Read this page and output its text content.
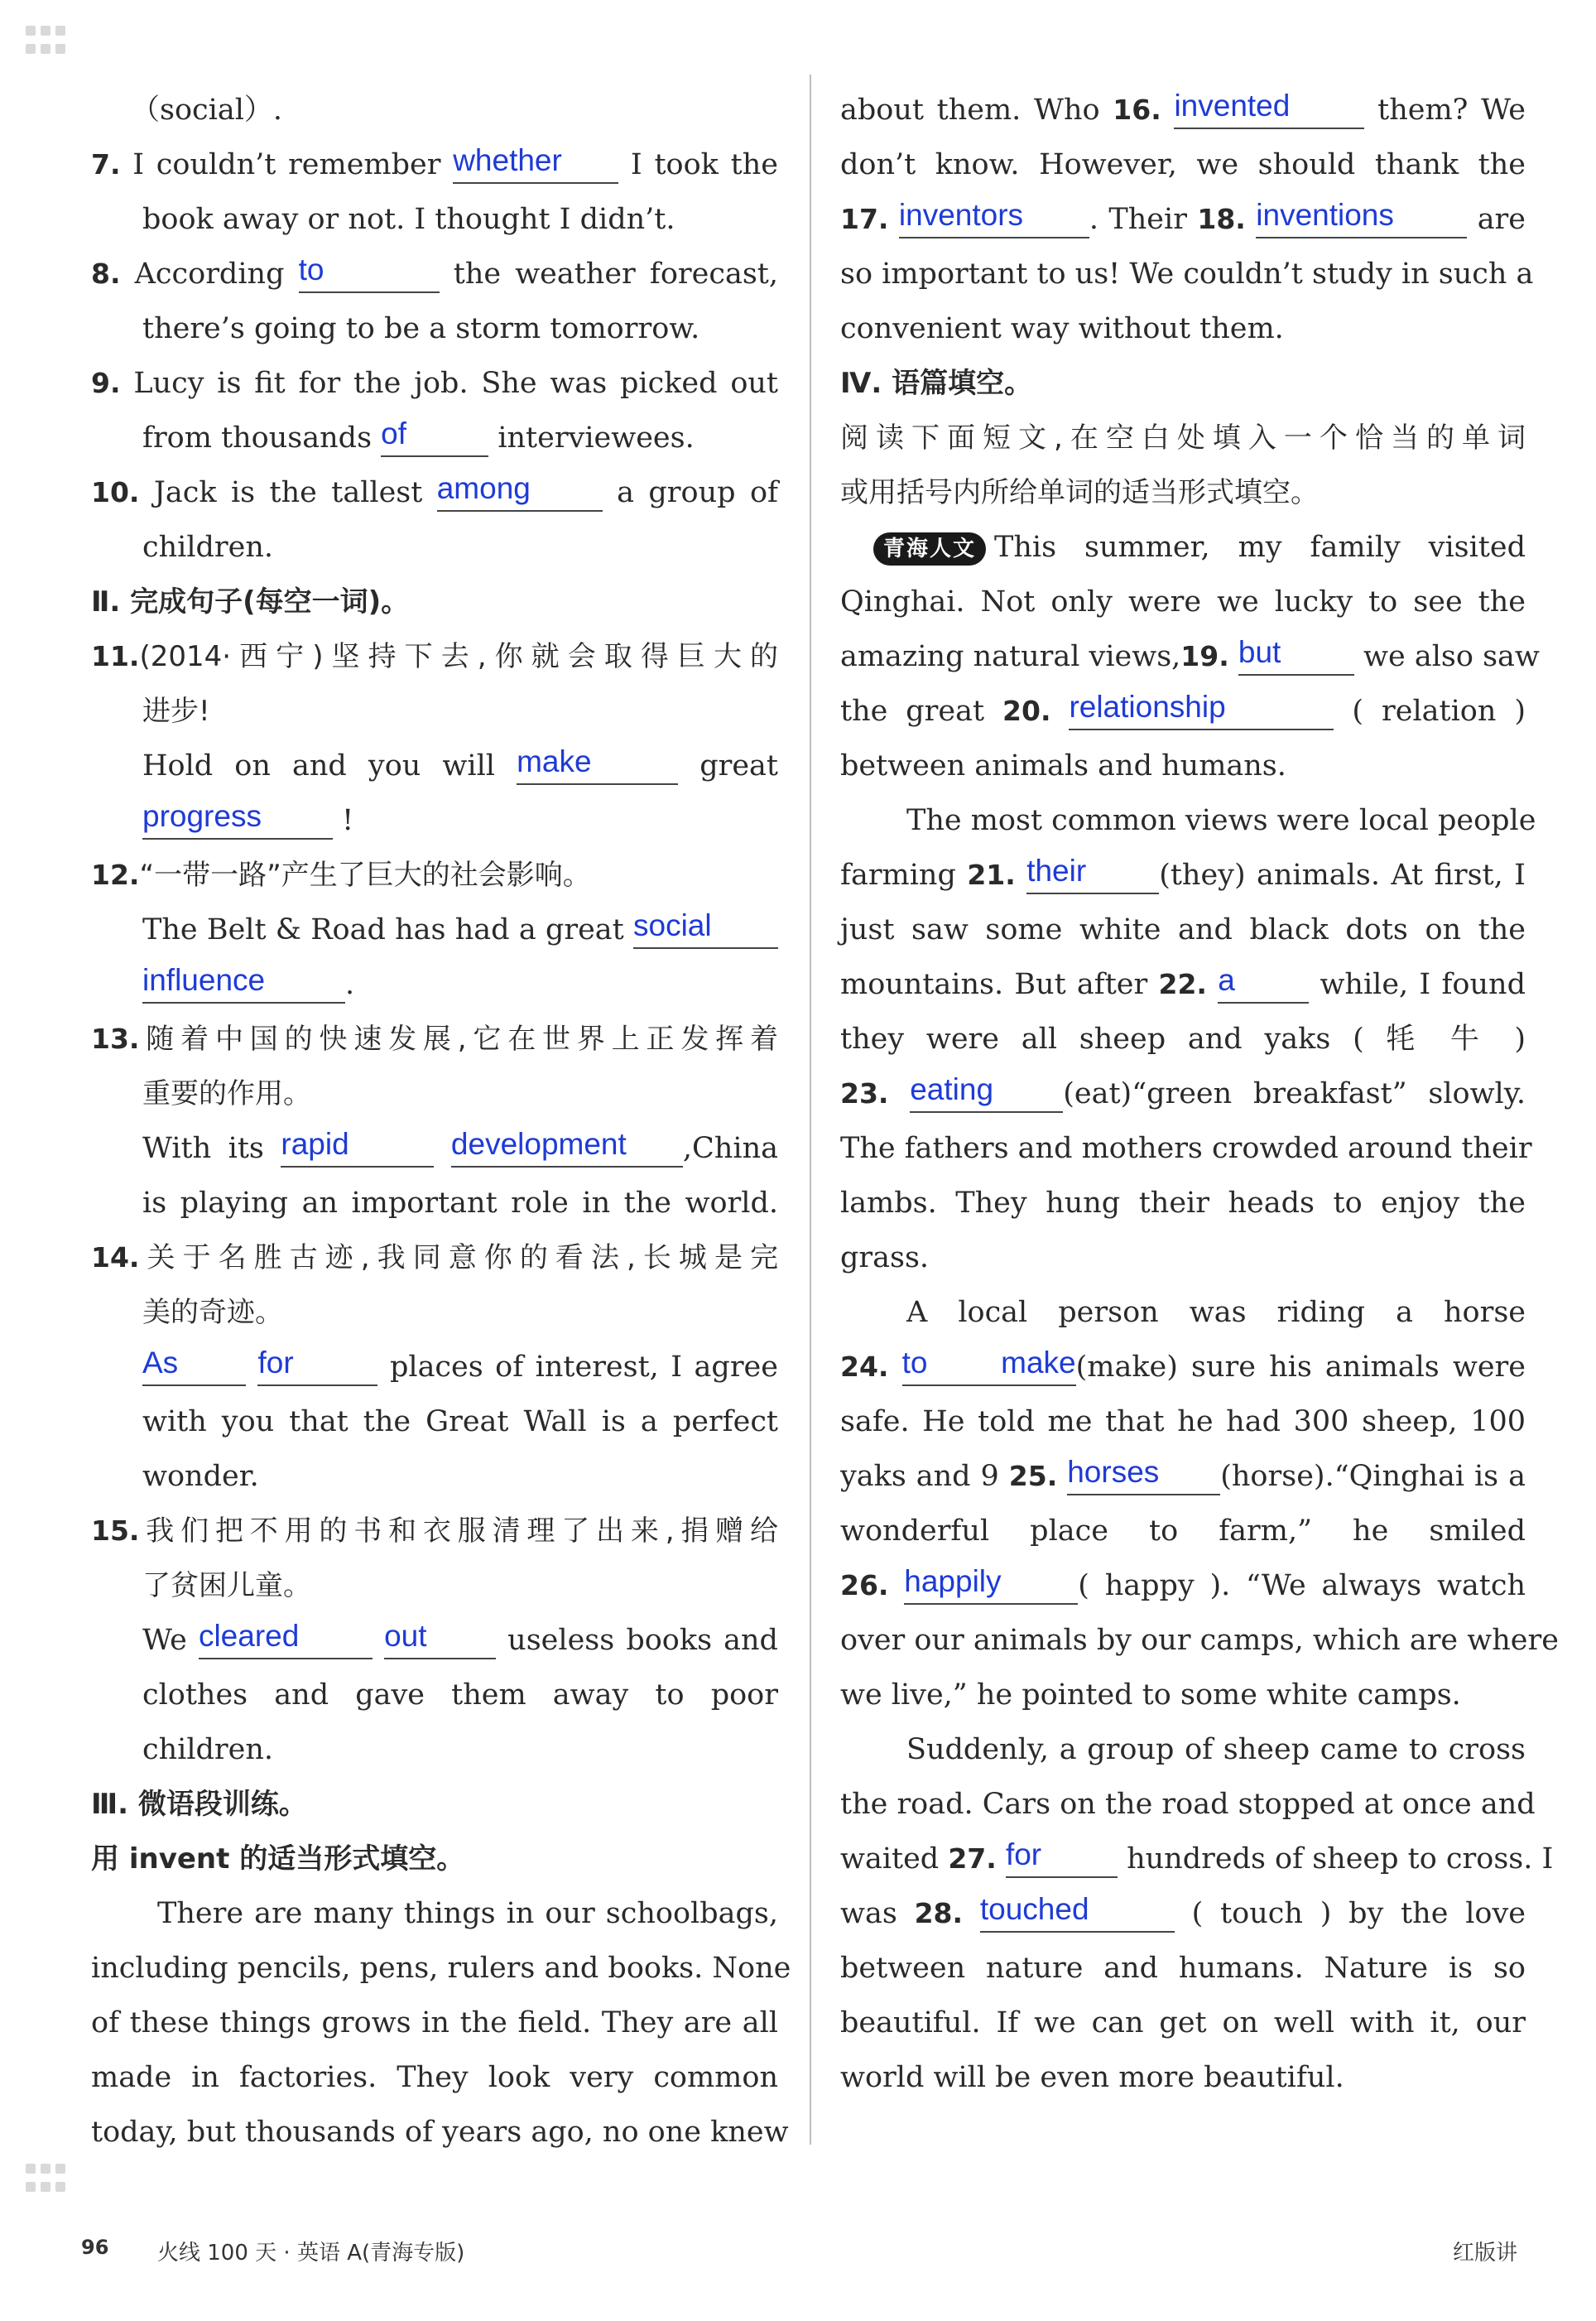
（social）.
7. I couldn’t remember whether I took the
book away or not. I thought I didn’t.
8. According to	the weather forecast,
there’s going to be a storm tomorrow.
9. Lucy is fit for the job. She was picked out
from thousands of	interviewees.
10. Jack is the tallest among	a group of
children.
Ⅱ. 完成句子(每空一词)。
11.(2014·西宁)坚持下去,你就会取得巨大的
进步!
Hold on and you will make	great
progress	!
12.“一带一路”产生了巨大的社会影响。
The Belt & Road has had a great social
influence	.
13.随着中国的快速发展,它在世界上正发挥着
重要的作用。
With its rapid	development ,China
is playing an important role in the world.
14.关于名胜古迹,我同意你的看法,长城是完
美的奇迹。
As	for	places of interest, I agree
with you that the Great Wall is a perfect
wonder.
15.我们把不用的书和衣服清理了出来,捐赠给
了贫困儿童。
We cleared	out	useless books and
clothes and gave them away to poor
children.
Ⅲ. 微语段训练。
用 invent 的适当形式填空。
There are many things in our schoolbags,
including pencils, pens, rulers and books. None
of these things grows in the field. They are all
made in factories. They look very common
today, but thousands of years ago, no one knew
about them. Who 16. invented	them? We
don’t know. However, we should thank the
17. inventors . Their 18. inventions	are
so important to us! We couldn’t study in such a
convenient way without them.
Ⅳ. 语篇填空。
阅读下面短文,在空白处填入一个恰当的单词
或用括号内所给单词的适当形式填空。
青海人文 This summer, my family visited
Qinghai. Not only were we lucky to see the
amazing natural views,19. but	we also saw
the great 20. relationship	( relation )
between animals and humans.
The most common views were local people
farming 21. their	(they) animals. At first, I
just saw some white and black dots on the
mountains. But after 22. a	while, I found
they were all sheep and yaks ( 牦 牛 )
23. eating (eat)“green breakfast” slowly.
The fathers and mothers crowded around their
lambs. They hung their heads to enjoy the
grass.
A local person was riding a horse
24. to make(make) sure his animals were
safe. He told me that he had 300 sheep, 100
yaks and 9 25. horses (horse).“Qinghai is a
wonderful place to farm,” he smiled
26. happily	( happy ). “We always watch
over our animals by our camps, which are where
we live,” he pointed to some white camps.
Suddenly, a group of sheep came to cross
the road. Cars on the road stopped at once and
waited 27. for	hundreds of sheep to cross. I
was 28. touched	( touch ) by the love
between nature and humans. Nature is so
beautiful. If we can get on well with it, our
world will be even more beautiful.
96 火线 100 天 · 英语 A(青海专版)	红版讲
